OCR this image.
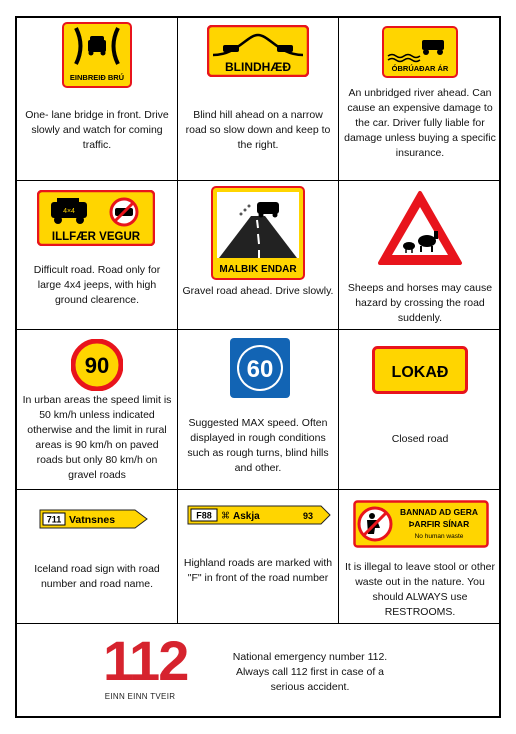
EINBREIÐ BRÚ
One- lane bridge in front. Drive slowly and watch for coming traffic.
BLINDHÆÐ
Blind hill ahead on a narrow road so slow down and keep to the right.
ÓBRÚAÐAR ÁR
An unbridged river ahead. Can cause an expensive damage to the car. Driver fully liable for damage unless buying a specific insurance.
4×4
ILLFÆR VEGUR
Difficult road. Road only for large 4x4 jeeps, with high ground clearence.
MALBIK ENDAR
Gravel road ahead. Drive slowly.	Sheeps and horses may cause hazard by crossing the road suddenly.
90
In urban areas the speed limit is 50 km/h unless indicated otherwise and the limit in rural areas is 90 km/h on paved roads but only 80 km/h on gravel roads
60
Suggested MAX speed. Often displayed in rough conditions such as rough turns, blind hills and other.
LOKAÐ
Closed road
711 Vatnsnes
Iceland road sign with road number and road name.
F88 ⌘ Askja	93
Highland roads are marked with "F" in front of the road number
BANNAD AD GERA
ÞARFIR SÍNAR
No human waste
It is illegal to leave stool or other waste out in the nature. You should ALWAYS use RESTROOMS.
112
EINN EINN TVEIR
National emergency number 112. Always call 112 first in case of a serious accident.
